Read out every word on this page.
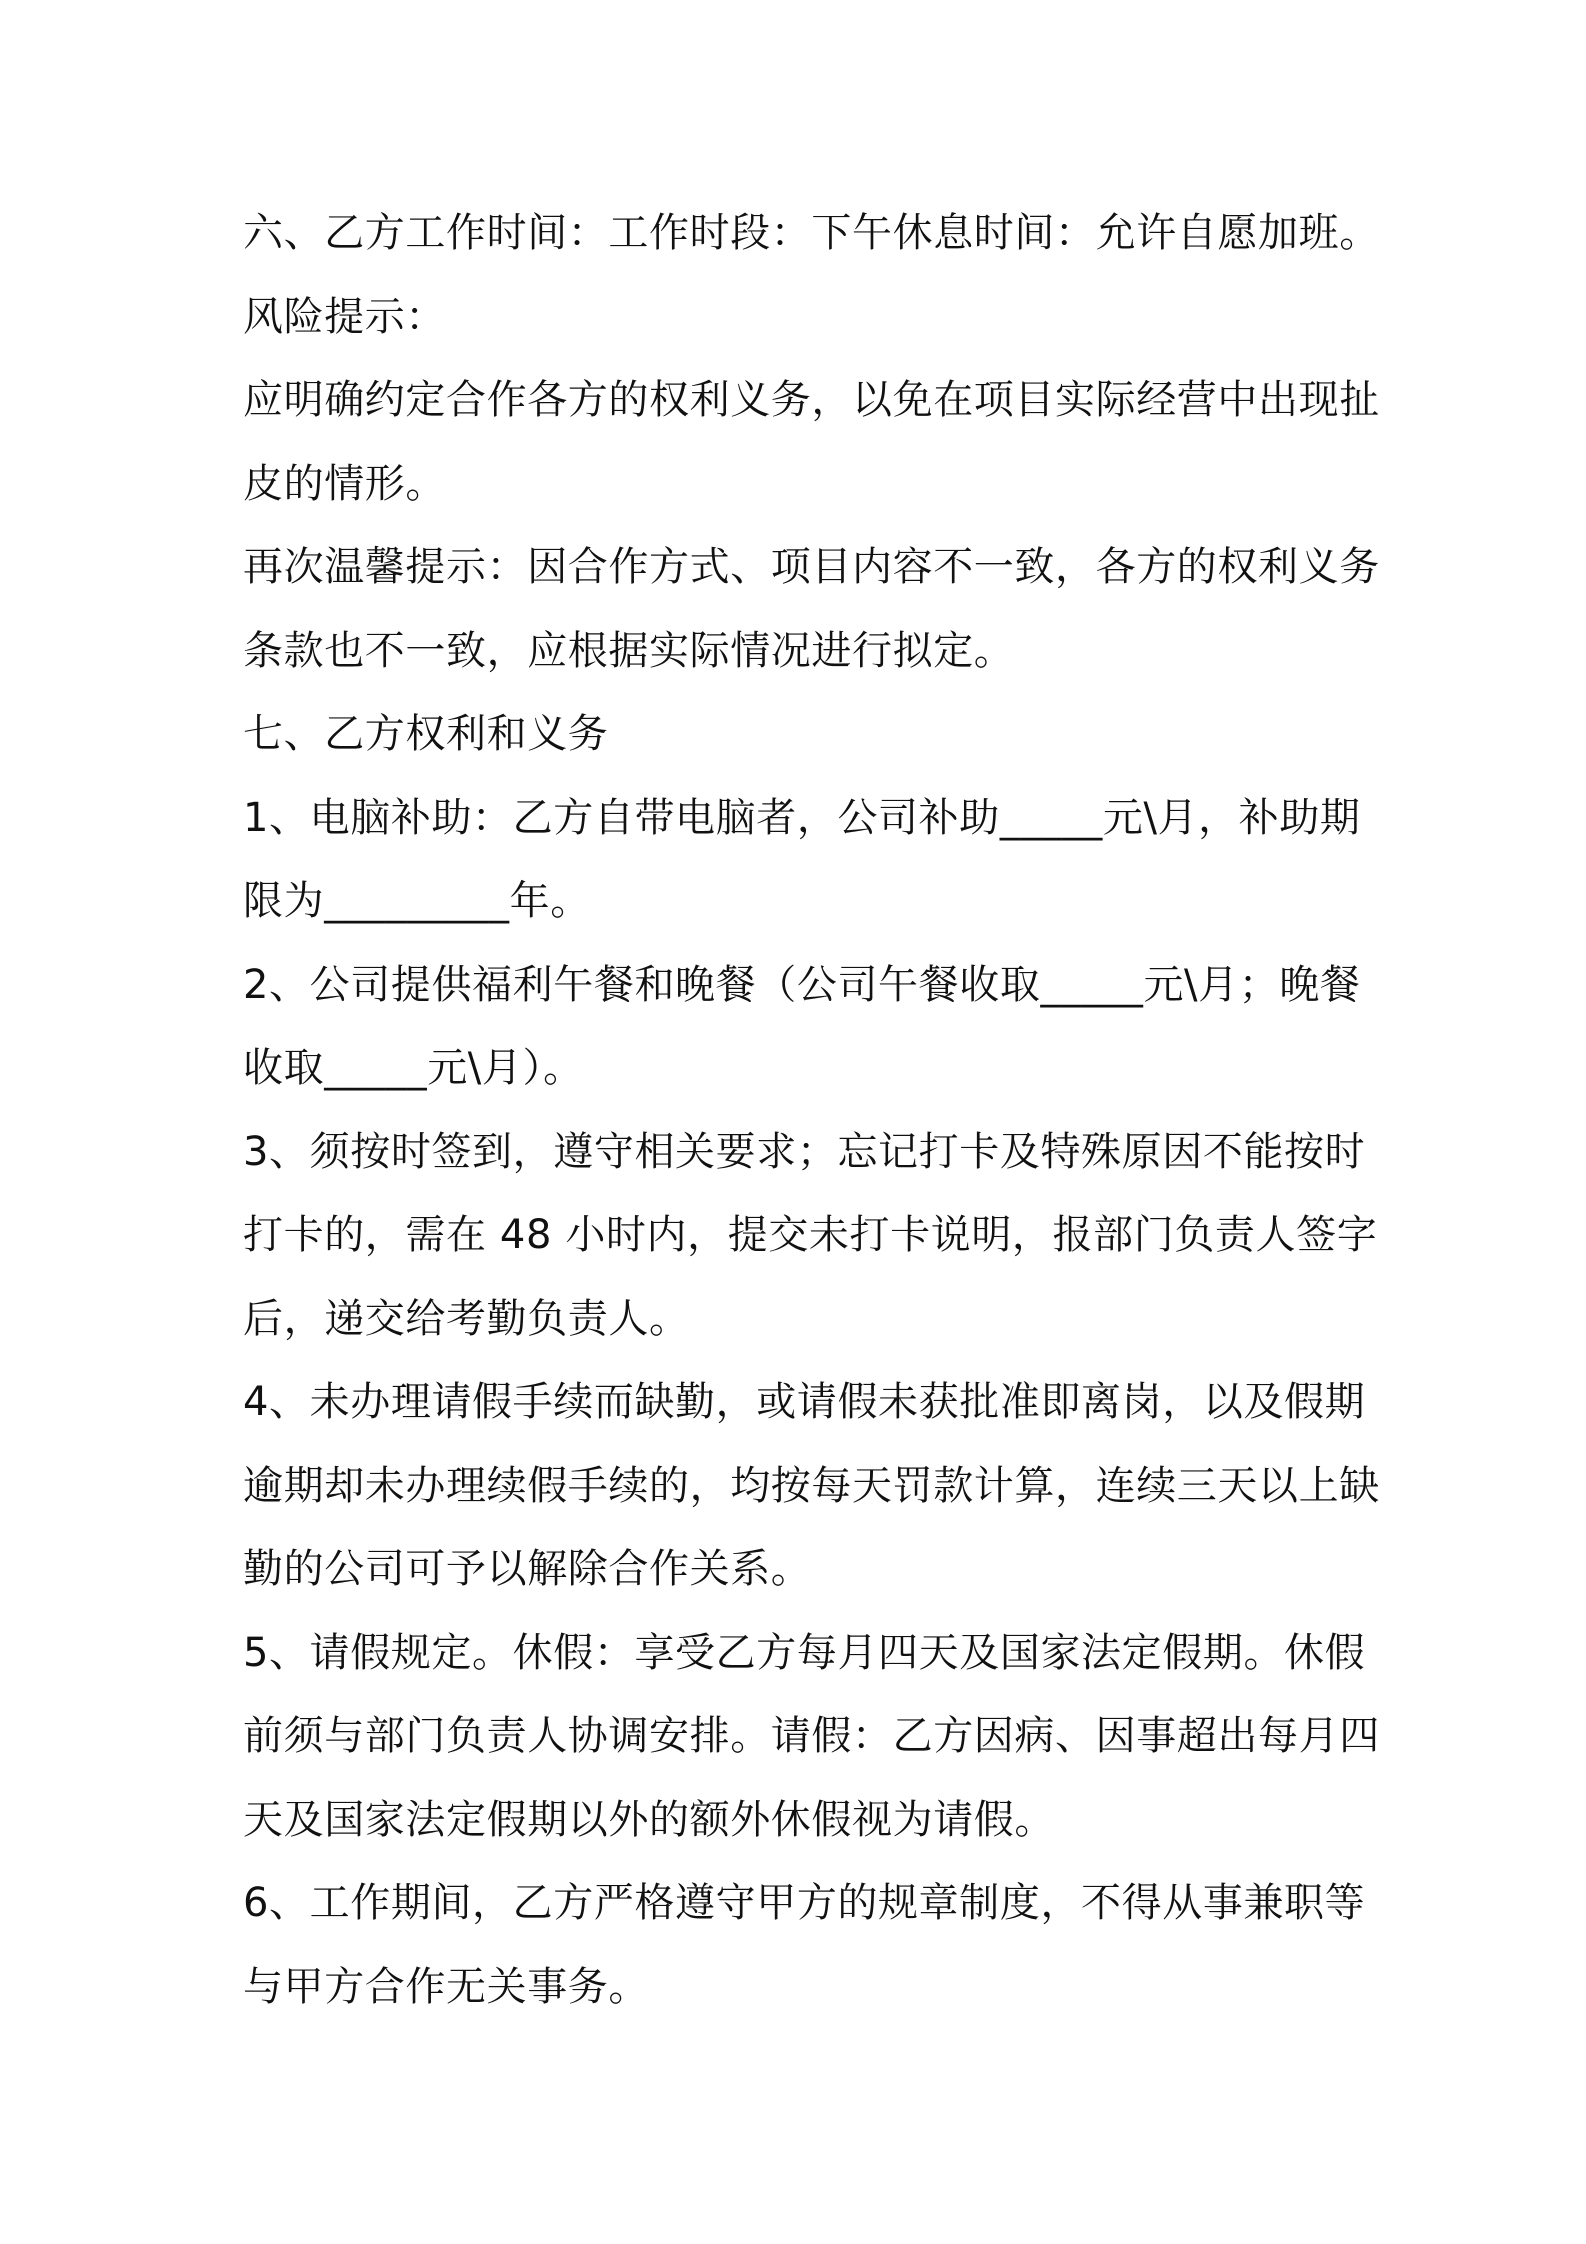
六、乙方工作时间：工作时段：下午休息时间：允许自愿加班。
风险提示：
应明确约定合作各方的权利义务，以免在项目实际经营中出现扯
皮的情形。
再次温馨提示：因合作方式、项目内容不一致，各方的权利义务
条款也不一致，应根据实际情况进行拟定。
七、乙方权利和义务
1、电脑补助：乙方自带电脑者，公司补助_____元\月，补助期
限为_________年。
2、公司提供福利午餐和晚餐（公司午餐收取_____元\月；晚餐
收取_____元\月）。
3、须按时签到，遵守相关要求；忘记打卡及特殊原因不能按时
打卡的，需在 48 小时内，提交未打卡说明，报部门负责人签字
后，递交给考勤负责人。
4、未办理请假手续而缺勤，或请假未获批准即离岗，以及假期
逾期却未办理续假手续的，均按每天罚款计算，连续三天以上缺
勤的公司可予以解除合作关系。
5、请假规定。休假：享受乙方每月四天及国家法定假期。休假
前须与部门负责人协调安排。请假：乙方因病、因事超出每月四
天及国家法定假期以外的额外休假视为请假。
6、工作期间，乙方严格遵守甲方的规章制度，不得从事兼职等
与甲方合作无关事务。
